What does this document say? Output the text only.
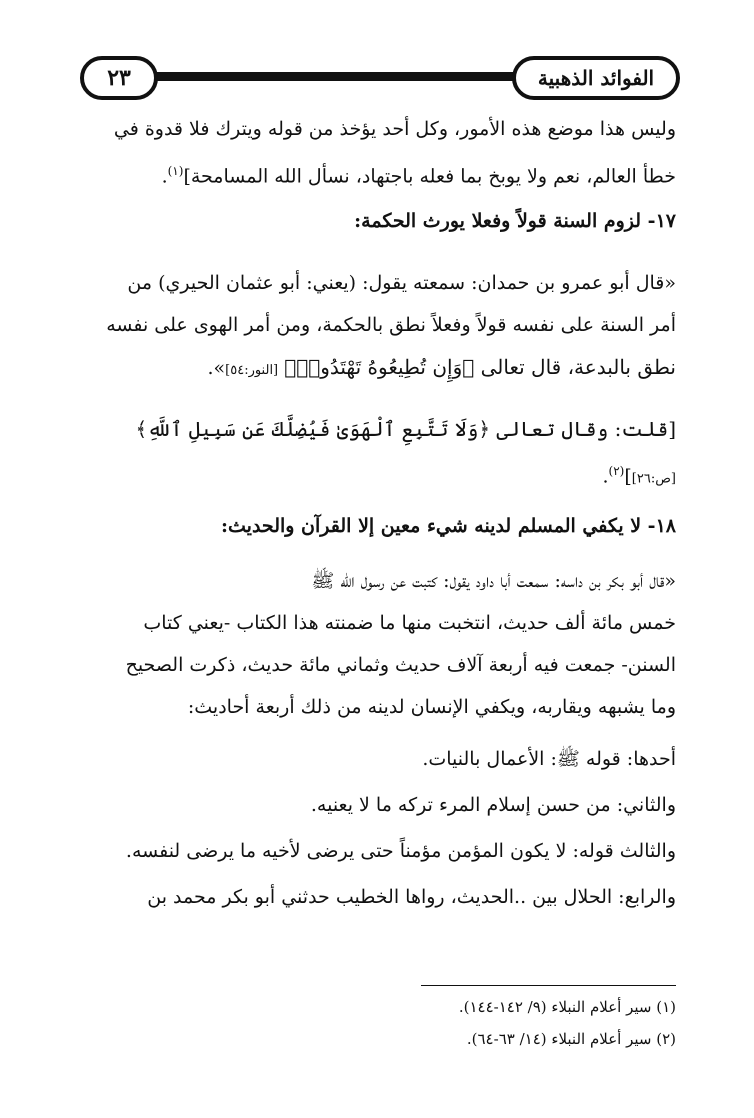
الفوائد الذهبية
٢٣
وليس هذا موضع هذه الأمور، وكل أحد يؤخذ من قوله ويترك فلا قدوة في
خطأ العالم، نعم ولا يوبخ بما فعله باجتهاد، نسأل الله المسامحة]$^{(١)}$.
١٧- لزوم السنة قولاً وفعلا يورث الحكمة:
«قال أبو عمرو بن حمدان: سمعته يقول: (يعني: أبو عثمان الحيري) من
أمر السنة على نفسه قولاً وفعلاً نطق بالحكمة، ومن أمر الهوى على نفسه
نطق بالبدعة، قال تعالى ﴿وَإِن تُطِيعُوهُ تَهْتَدُوا۟﴾ [النور:٥٤]».
[قلت: وقال تعالى ﴿وَلَا تَتَّبِعِ ٱلْهَوَىٰ فَيُضِلَّكَ عَن سَبِيلِ ٱللَّهِ﴾
[ص:٢٦]]$^{(٢)}$.
١٨- لا يكفي المسلم لدينه شيء معين إلا القرآن والحديث:
«قال أبو بكر بن داسه: سمعت أبا داود يقول: كتبت عن رسول الله ﷺ
خمس مائة ألف حديث، انتخبت منها ما ضمنته هذا الكتاب -يعني كتاب
السنن- جمعت فيه أربعة آلاف حديث وثماني مائة حديث، ذكرت الصحيح
وما يشبهه ويقاربه، ويكفي الإنسان لدينه من ذلك أربعة أحاديث:
أحدها: قوله ﷺ: الأعمال بالنيات.
والثاني: من حسن إسلام المرء تركه ما لا يعنيه.
والثالث قوله: لا يكون المؤمن مؤمناً حتى يرضى لأخيه ما يرضى لنفسه.
والرابع: الحلال بين ..الحديث، رواها الخطيب حدثني أبو بكر محمد بن
(١) سير أعلام النبلاء (٩/ ١٤٢-١٤٤).
(٢) سير أعلام النبلاء (١٤/ ٦٣-٦٤).
